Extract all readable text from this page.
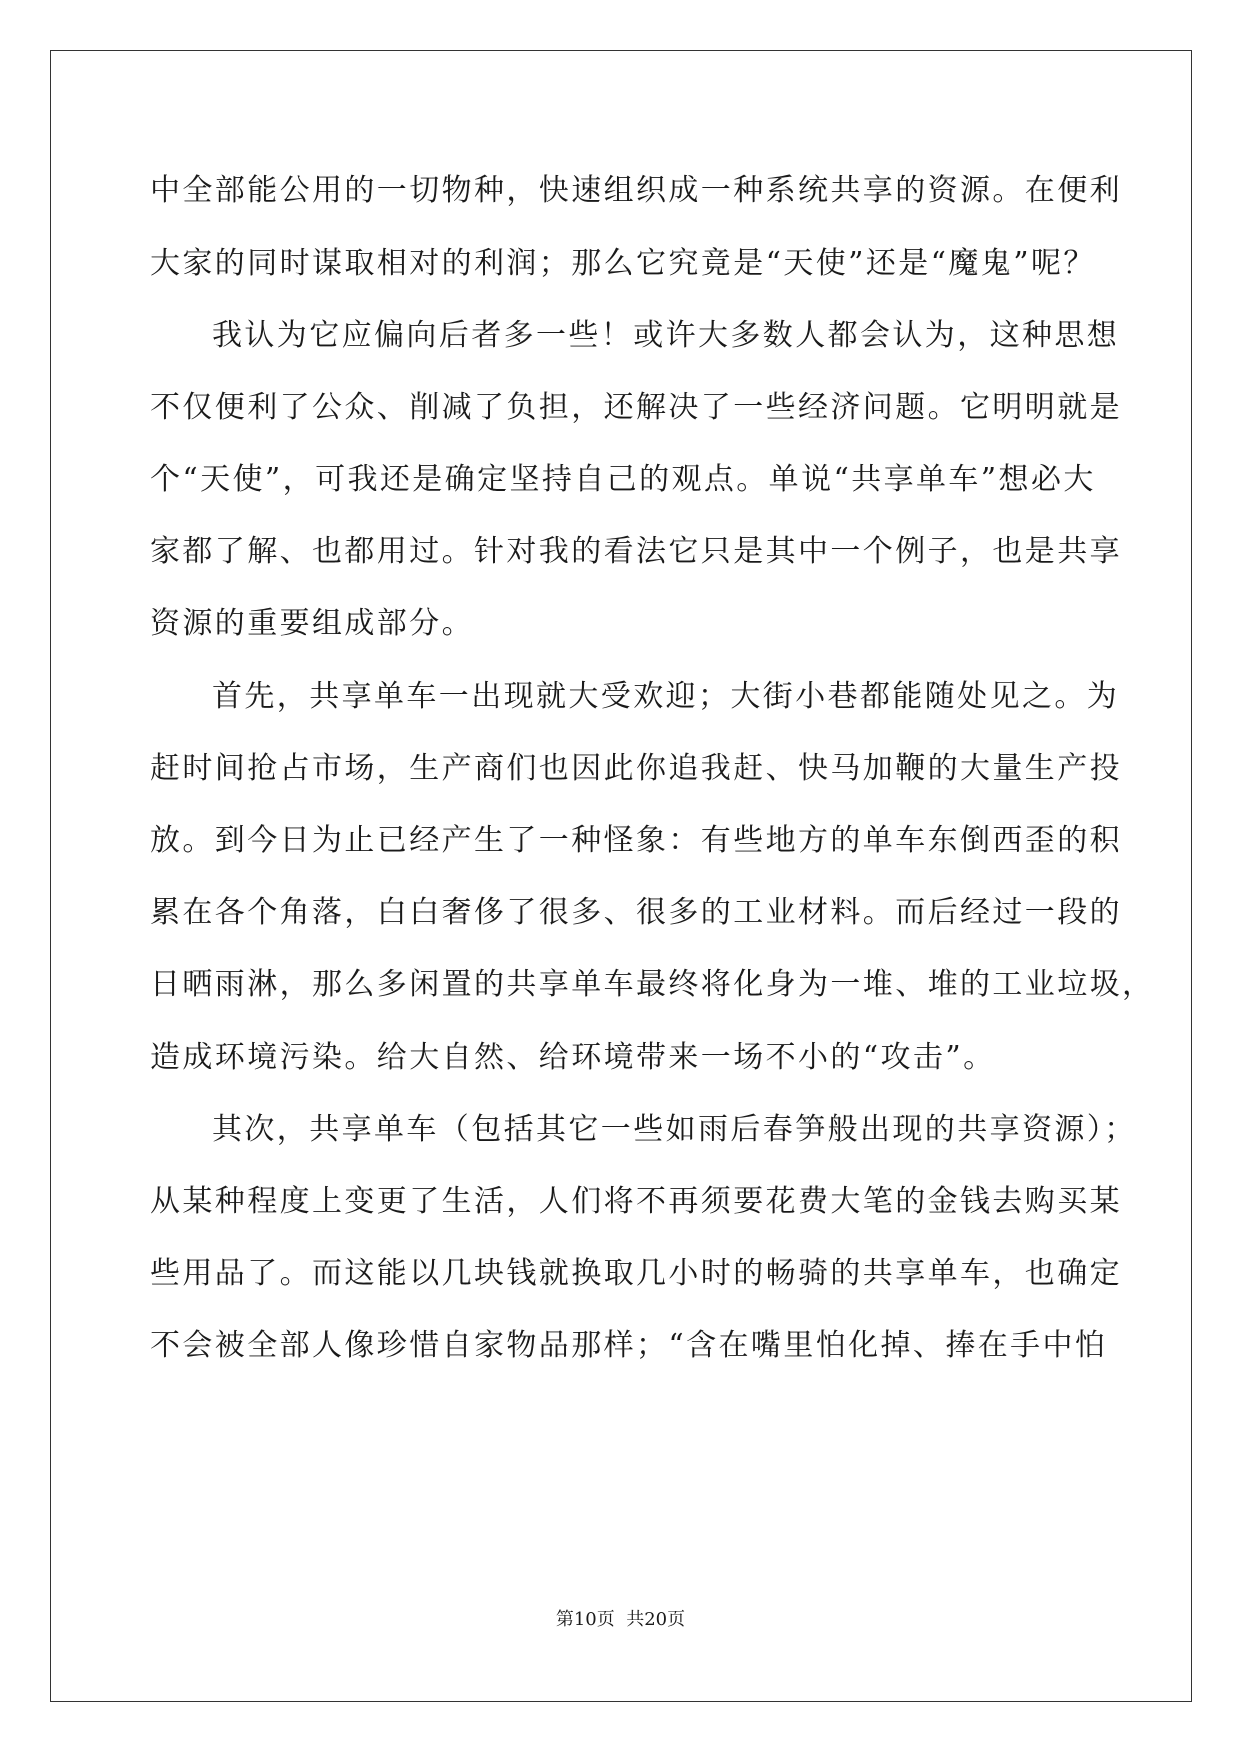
中全部能公用的一切物种，快速组织成一种系统共享的资源。在便利
大家的同时谋取相对的利润；那么它究竟是“天使”还是“魔鬼”呢？
我认为它应偏向后者多一些！或许大多数人都会认为，这种思想
不仅便利了公众、削减了负担，还解决了一些经济问题。它明明就是
个“天使”，可我还是确定坚持自己的观点。单说“共享单车”想必大
家都了解、也都用过。针对我的看法它只是其中一个例子，也是共享
资源的重要组成部分。
首先，共享单车一出现就大受欢迎；大街小巷都能随处见之。为
赶时间抢占市场，生产商们也因此你追我赶、快马加鞭的大量生产投
放。到今日为止已经产生了一种怪象：有些地方的单车东倒西歪的积
累在各个角落，白白奢侈了很多、很多的工业材料。而后经过一段的
日晒雨淋，那么多闲置的共享单车最终将化身为一堆、堆的工业垃圾，
造成环境污染。给大自然、给环境带来一场不小的“攻击”。
其次，共享单车（包括其它一些如雨后春笋般出现的共享资源）；
从某种程度上变更了生活，人们将不再须要花费大笔的金钱去购买某
些用品了。而这能以几块钱就换取几小时的畅骑的共享单车，也确定
不会被全部人像珍惜自家物品那样；“含在嘴里怕化掉、捧在手中怕
第10页  共20页
